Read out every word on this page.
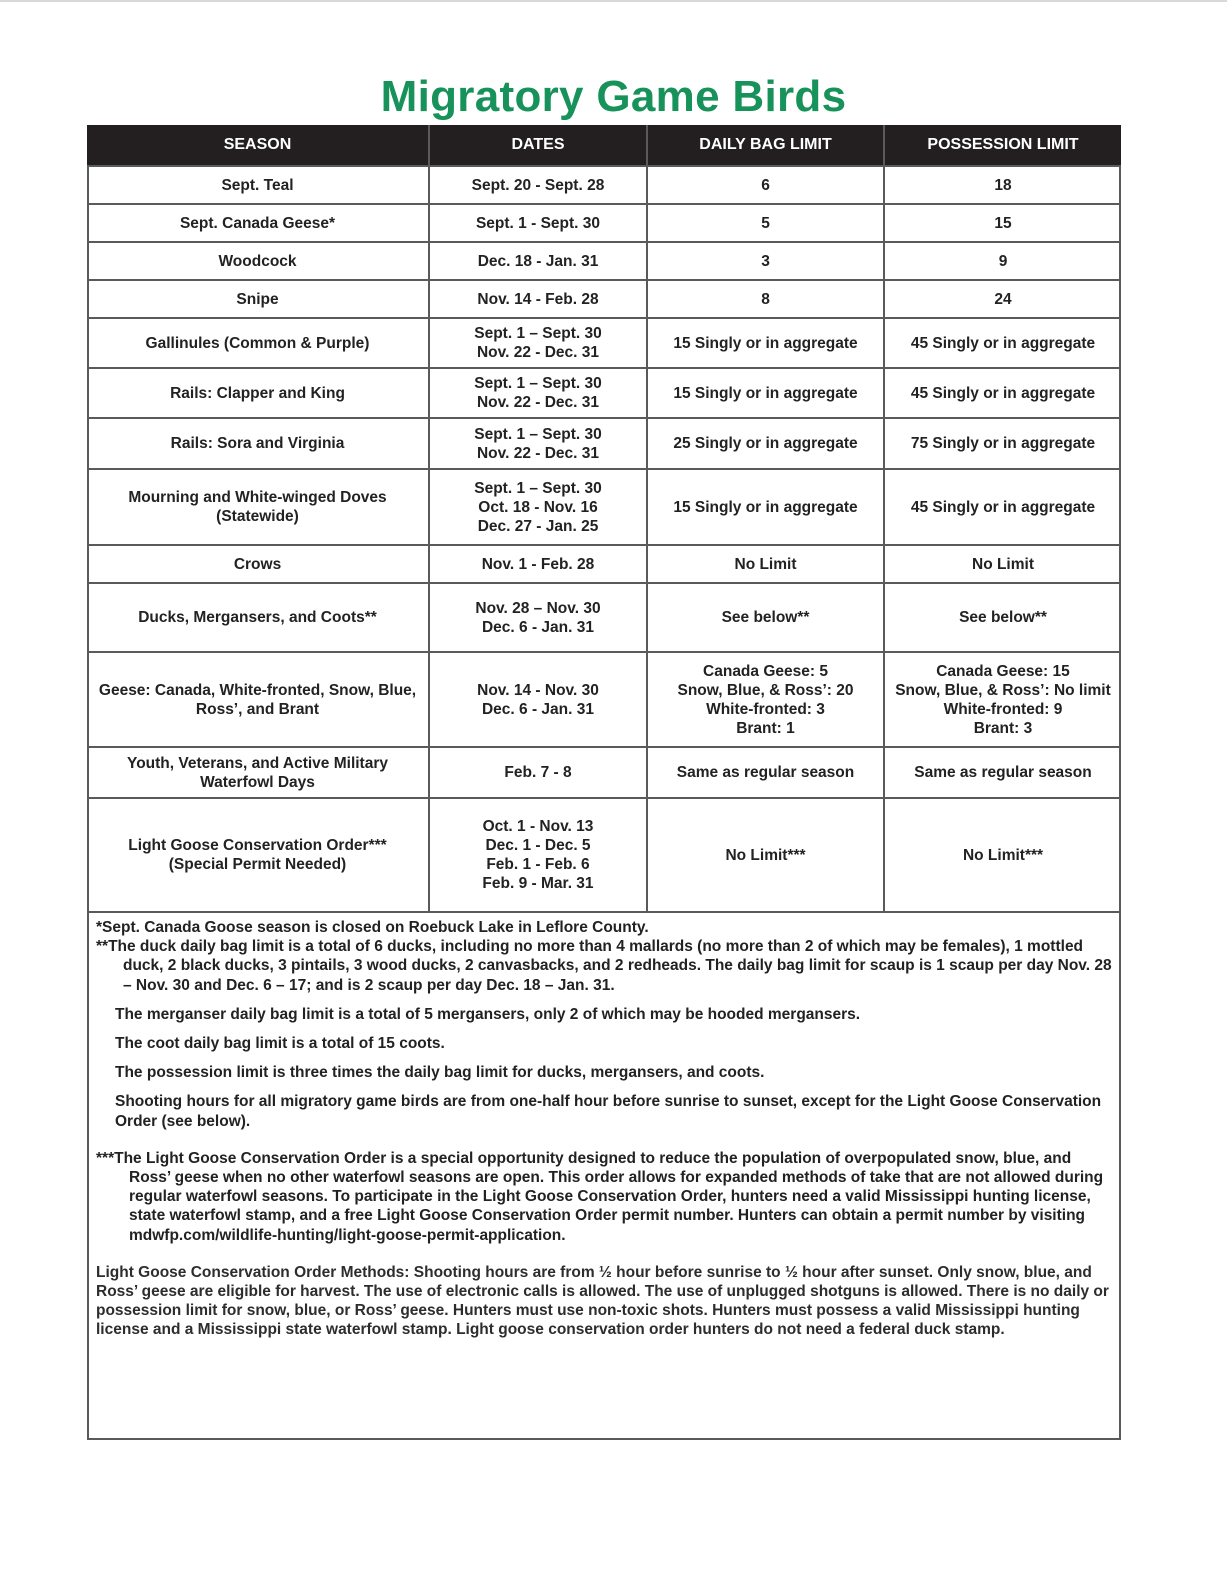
Migratory Game Birds
SEASON	DATES	DAILY BAG LIMIT	POSSESSION LIMIT

Sept. Teal	Sept. 20 - Sept. 28	6	18

Sept. Canada Geese*	Sept. 1 - Sept. 30	5	15

Woodcock	Dec. 18 - Jan. 31	3	9

Snipe	Nov. 14 - Feb. 28	8	24

Gallinules (Common & Purple)	Sept. 1 – Sept. 30
Nov. 22 - Dec. 31	15 Singly or in aggregate	45 Singly or in aggregate

Rails: Clapper and King	Sept. 1 – Sept. 30
Nov. 22 - Dec. 31	15 Singly or in aggregate	45 Singly or in aggregate

Rails: Sora and Virginia	Sept. 1 – Sept. 30
Nov. 22 - Dec. 31	25 Singly or in aggregate	75 Singly or in aggregate

Mourning and White-winged Doves
(Statewide)	Sept. 1 – Sept. 30
Oct. 18 - Nov. 16
Dec. 27 - Jan. 25	15 Singly or in aggregate	45 Singly or in aggregate

Crows	Nov. 1 - Feb. 28	No Limit	No Limit

Ducks, Mergansers, and Coots**	Nov. 28 – Nov. 30
Dec. 6 - Jan. 31	See below**	See below**

Geese: Canada, White-fronted, Snow, Blue,
Ross’, and Brant	Nov. 14 - Nov. 30
Dec. 6 - Jan. 31	Canada Geese: 5
Snow, Blue, & Ross’: 20
White-fronted: 3
Brant: 1	Canada Geese: 15
Snow, Blue, & Ross’: No limit
White-fronted: 9
Brant: 3

Youth, Veterans, and Active Military
Waterfowl Days	Feb. 7 - 8	Same as regular season	Same as regular season

Light Goose Conservation Order***
(Special Permit Needed)	Oct. 1 - Nov. 13
Dec. 1 - Dec. 5
Feb. 1 - Feb. 6
Feb. 9 - Mar. 31	No Limit***	No Limit***

*Sept. Canada Goose season is closed on Roebuck Lake in Leflore County.

**The duck daily bag limit is a total of 6 ducks, including no more than 4 mallards (no more than 2 of which may be females), 1 mottled duck, 2 black ducks, 3 pintails, 3 wood ducks, 2 canvasbacks, and 2 redheads. The daily bag limit for scaup is 1 scaup per day Nov. 28 – Nov. 30 and Dec. 6 – 17; and is 2 scaup per day Dec. 18 – Jan. 31.

The merganser daily bag limit is a total of 5 mergansers, only 2 of which may be hooded mergansers.

The coot daily bag limit is a total of 15 coots.

The possession limit is three times the daily bag limit for ducks, mergansers, and coots.

Shooting hours for all migratory game birds are from one-half hour before sunrise to sunset, except for the Light Goose Conservation Order (see below).

***The Light Goose Conservation Order is a special opportunity designed to reduce the population of overpopulated snow, blue, and Ross’ geese when no other waterfowl seasons are open. This order allows for expanded methods of take that are not allowed during regular waterfowl seasons. To participate in the Light Goose Conservation Order, hunters need a valid Mississippi hunting license, state waterfowl stamp, and a free Light Goose Conservation Order permit number. Hunters can obtain a permit number by visiting mdwfp.com/wildlife-hunting/light-goose-permit-application.

Light Goose Conservation Order Methods: Shooting hours are from ½ hour before sunrise to ½ hour after sunset. Only snow, blue, and Ross’ geese are eligible for harvest. The use of electronic calls is allowed. The use of unplugged shotguns is allowed. There is no daily or possession limit for snow, blue, or Ross’ geese. Hunters must use non-toxic shots. Hunters must possess a valid Mississippi hunting license and a Mississippi state waterfowl stamp. Light goose conservation order hunters do not need a federal duck stamp.
